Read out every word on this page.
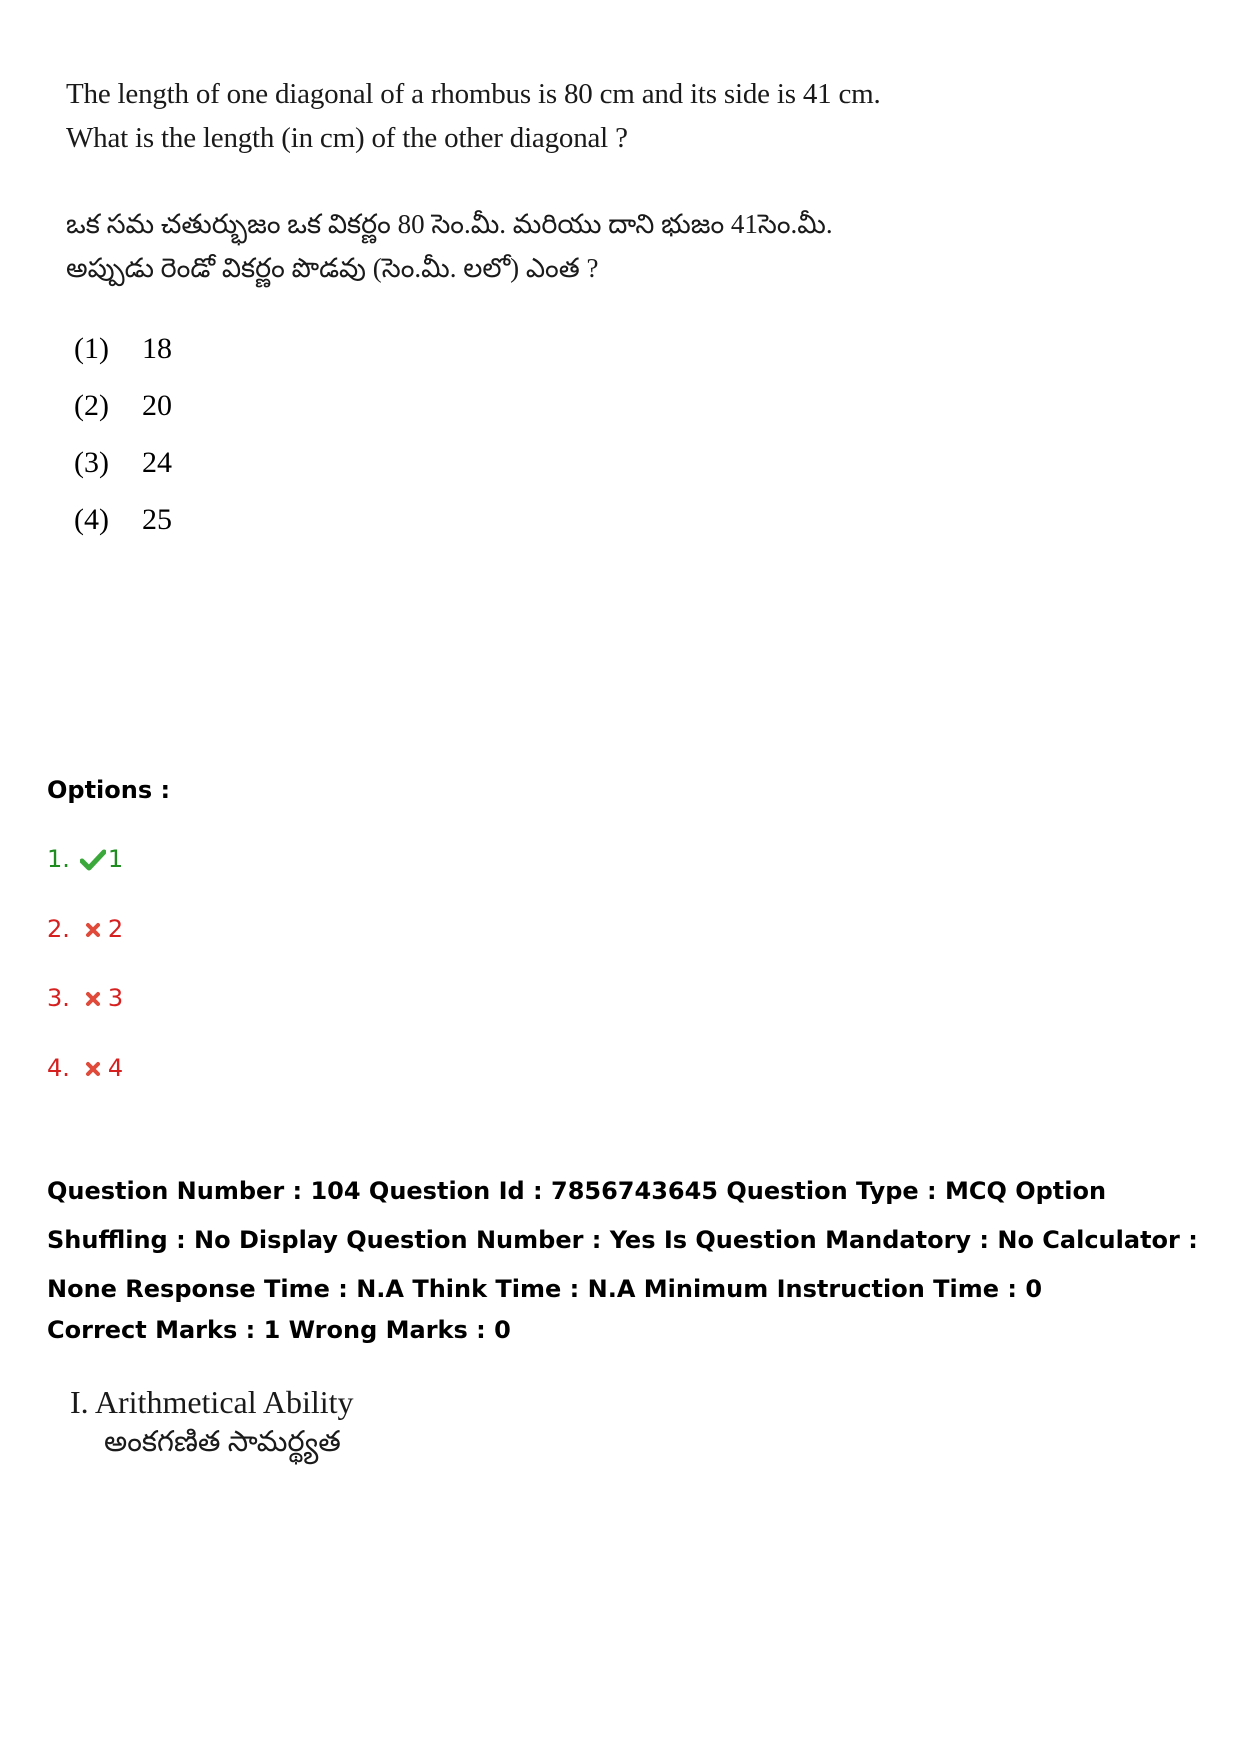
The length of one diagonal of a rhombus is 80 cm and its side is 41 cm. What is the length (in cm) of the other diagonal ?

ఒక సమ చతుర్భుజం ఒక వికర్ణం 80 సెం.మీ. మరియు దాని భుజం 41సెం.మీ. అప్పుడు రెండో వికర్ణం పొడవు (సెం.మీ. లలో) ఎంత ?

(1)	18
(2)	20
(3)	24
(4)	25
Options :
1. 1
2. 2
3. 3
4. 4
Question Number : 104 Question Id : 7856743645 Question Type : MCQ Option Shuffling : No Display Question Number : Yes Is Question Mandatory : No Calculator : None Response Time : N.A Think Time : N.A Minimum Instruction Time : 0
Correct Marks : 1 Wrong Marks : 0
I. Arithmetical Ability
అంకగణిత సామర్థ్యత
